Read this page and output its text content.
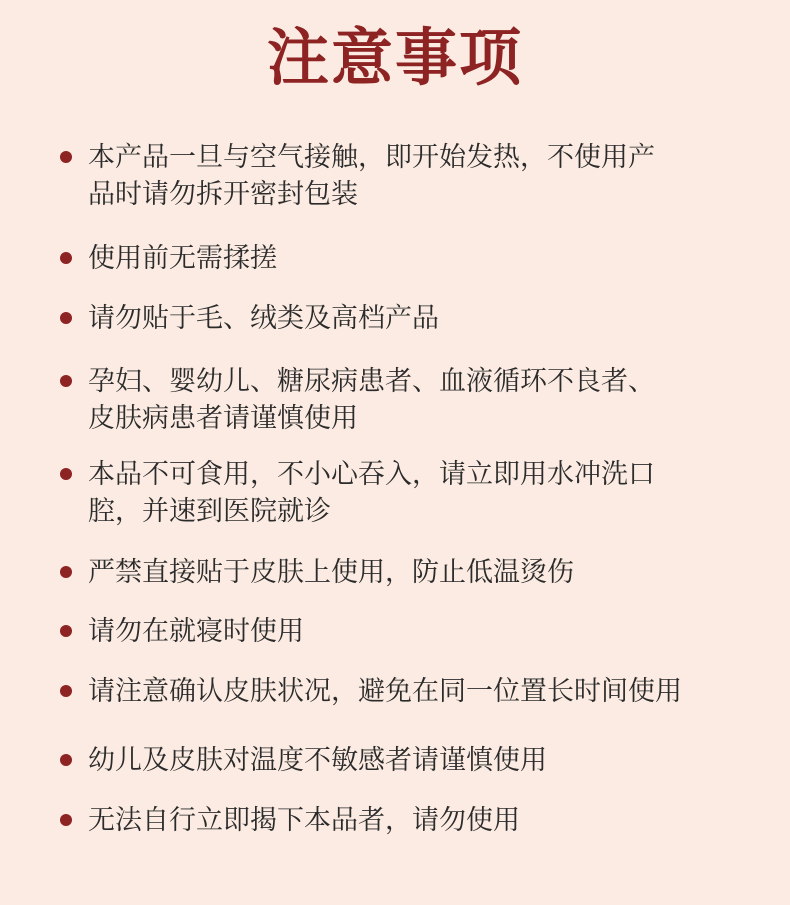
注意事项
本产品一旦与空气接触，即开始发热，不使用产
品时请勿拆开密封包装
使用前无需揉搓
请勿贴于毛、绒类及高档产品
孕妇、婴幼儿、糖尿病患者、血液循环不良者、
皮肤病患者请谨慎使用
本品不可食用，不小心吞入，请立即用水冲洗口
腔，并速到医院就诊
严禁直接贴于皮肤上使用，防止低温烫伤
请勿在就寝时使用
请注意确认皮肤状况，避免在同一位置长时间使用
幼儿及皮肤对温度不敏感者请谨慎使用
无法自行立即揭下本品者，请勿使用
